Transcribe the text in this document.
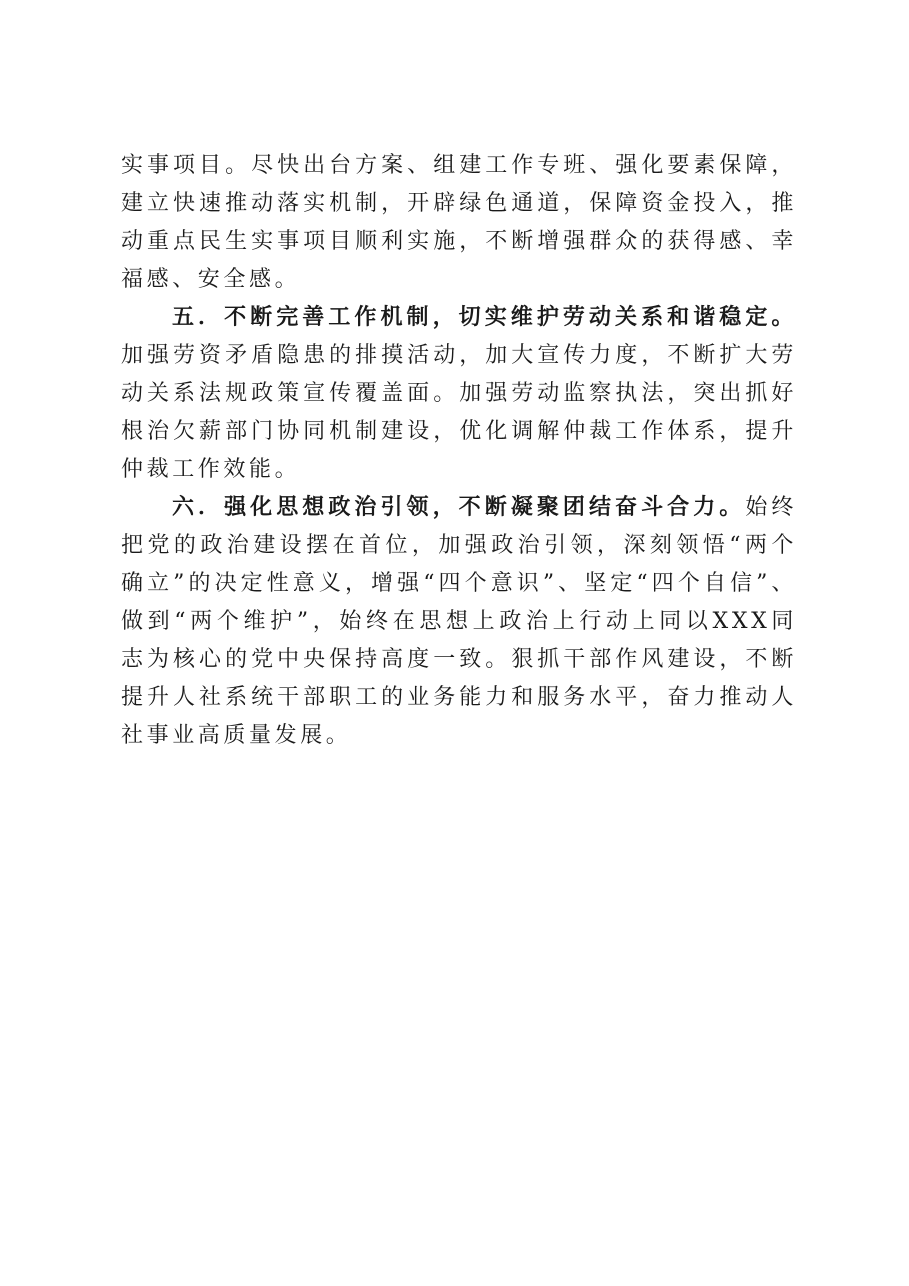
实事项目。尽快出台方案、组建工作专班、强化要素保障，建立快速推动落实机制，开辟绿色通道，保障资金投入，推动重点民生实事项目顺利实施，不断增强群众的获得感、幸福感、安全感。

五．不断完善工作机制，切实维护劳动关系和谐稳定。加强劳资矛盾隐患的排摸活动，加大宣传力度，不断扩大劳动关系法规政策宣传覆盖面。加强劳动监察执法，突出抓好根治欠薪部门协同机制建设，优化调解仲裁工作体系，提升仲裁工作效能。

六．强化思想政治引领，不断凝聚团结奋斗合力。始终把党的政治建设摆在首位，加强政治引领，深刻领悟“两个确立”的决定性意义，增强“四个意识”、坚定“四个自信”、做到“两个维护”，始终在思想上政治上行动上同以XXX同志为核心的党中央保持高度一致。狠抓干部作风建设，不断提升人社系统干部职工的业务能力和服务水平，奋力推动人社事业高质量发展。
